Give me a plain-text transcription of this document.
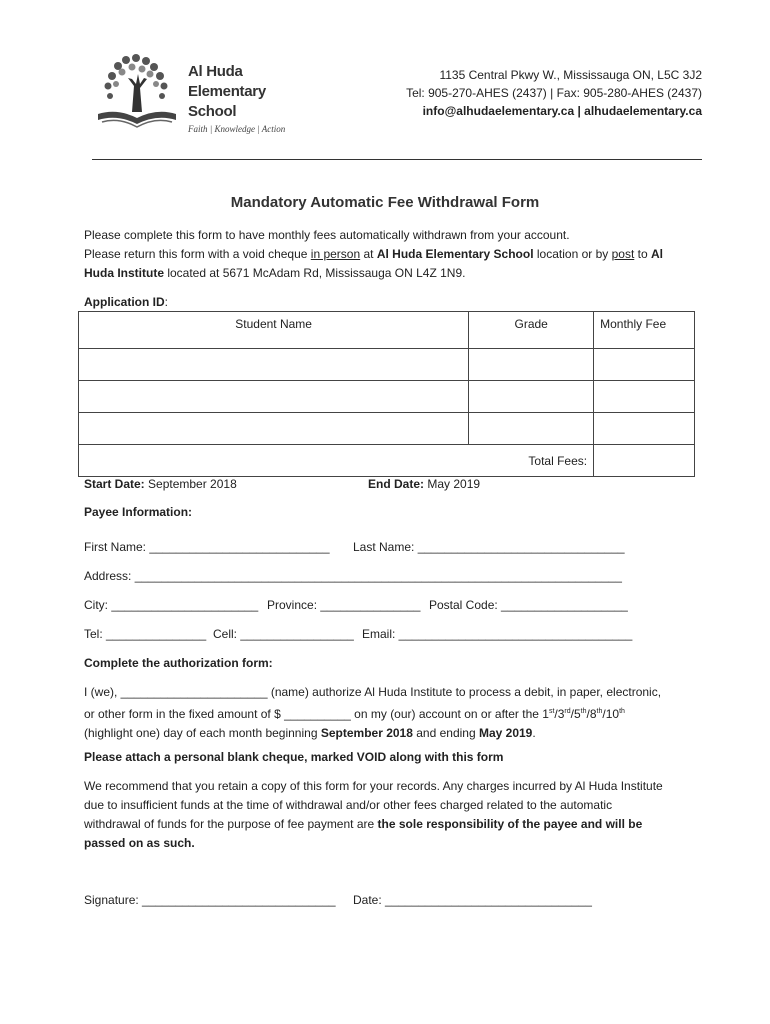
Al Huda
Elementary
School
Faith | Knowledge | Action
1135 Central Pkwy W., Mississauga ON, L5C 3J2
Tel: 905-270-AHES (2437) | Fax: 905-280-AHES (2437)
info@alhudaelementary.ca | alhudaelementary.ca
Mandatory Automatic Fee Withdrawal Form
Please complete this form to have monthly fees automatically withdrawn from your account.
Please return this form with a void cheque in person at Al Huda Elementary School location or by post to Al
Huda Institute located at 5671 McAdam Rd, Mississauga ON L4Z 1N9.
Application ID:
Student Name	Grade	Monthly Fee

Total Fees:		
Start Date: September 2018	End Date: May 2019
Payee Information:
First Name: ___________________________	Last Name: _______________________________
Address: _________________________________________________________________________
City: ______________________ Province: _______________ Postal Code: ___________________
Tel: _______________ Cell: _________________ Email: ___________________________________
Complete the authorization form:
I (we), ______________________ (name) authorize Al Huda Institute to process a debit, in paper, electronic,
or other form in the fixed amount of $ __________ on my (our) account on or after the 1st/3rd/5th/8th/10th
(highlight one) day of each month beginning September 2018 and ending May 2019.
Please attach a personal blank cheque, marked VOID along with this form
We recommend that you retain a copy of this form for your records. Any charges incurred by Al Huda Institute
due to insufficient funds at the time of withdrawal and/or other fees charged related to the automatic
withdrawal of funds for the purpose of fee payment are the sole responsibility of the payee and will be
passed on as such.
Signature: _____________________________	Date: _______________________________
